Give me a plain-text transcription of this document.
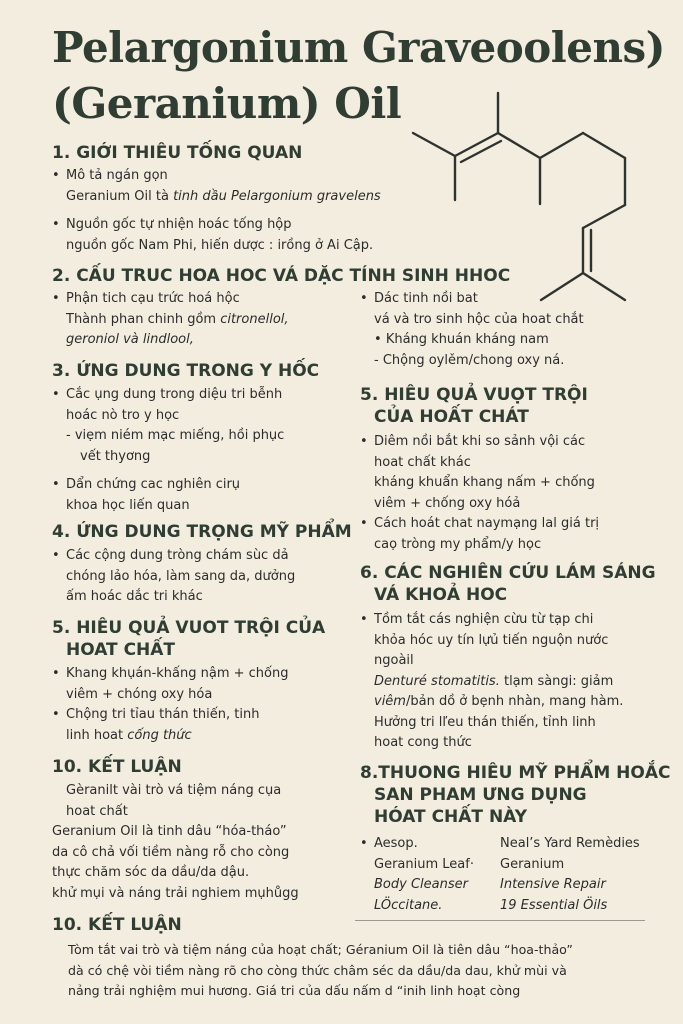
Pelargonium Graveoolens)
(Geranium) Oil
1. GIỚI THIÊU TỐNG QUAN
• Mô tả ngán gọn
Geranium Oil tà tinh dầu Pelargonium gravelens
• Nguồn gốc tự nhiện hoác tống hộp
nguồn gốc Nam Phi, hiến dược : irồng ở Ai Cập.
2. CẤU TRUC HOA HOC VÁ DẶC TÍNH SINH HHOC
• Phận tich cạu trức hoá hộc
Thành phan chinh gồm citronellol,
geroniol và lindlool,
• Dác tinh nồi bat
vá và tro sinh hộc của hoat chắt
• Kháng khuán kháng nam
- Chộng oylěm/chong oxy ná.
3. ỨNG DUNG TRONG Y HỐC
• Cắc ụng dung trong diệu tri bễnh
hoác nò tro y học
- viẹm niém mạc miếng, hồi phục
vết thyơng
• Dẩn chứng cac nghiên cirụ
khoa học liến quan
4. ỨNG DUNG TRỌNG MỸ PHẨM
• Các cộng dung tròng chám sùc dả
chóng lảo hóa, làm sang da, dưởng
ấm hoác dắc tri khác
5. HIÊU QUẢ VUOT TRỘI CỦA
HOAT CHẤT
• Khang khụán-khấng nậm + chống
viêm + chóng oxy hóa
• Chộng tri tỉau thán thiến, tinh
linh hoat cống thức
10. KẾT LUẬN
Gèranilt vài trò vá tiệm náng cụa
hoat chất
Geranium Oil là tinh dâu “hóa-tháo”
da cô chả vối tiềm nàng rỗ cho còng
thực chăm sóc da dầu/da dậu.
khử mụi và náng trải nghiem mụhůgg
5. HIÊU QUẢ VUỌT TRỘI
CỦA HOẤT CHÁT
• Diêm nồi bắt khi so sảnh vội các
hoat chất khác
kháng khuẩn khang nấm + chống
viêm + chống oxy hóả
• Cách hoát chat naymạng lal giá trị
caọ tròng my phẩm/y học
6. CÁC NGHIÊN CỨU LÁM SÁNG
VÁ KHOẢ HOC
• Tồm tắt cás nghiện cừu từ tạp chi
khỏa hóc uy tín lựủ tiến nguộn nước
ngoàil
Denturé stomatitis. tlạm sàngi: giảm
viêm/bản dồ ở bẹnh nhàn, mang hàm.
Hưởng tri lľeu thán thiến, tỉnh linh
hoat cong thức
8.THUONG HIÊU MỸ PHẨM HOẮC
SAN PHAM ƯNG DỤNG
HÓAT CHẤT NÀY
• Aesop.	Neal’s Yard Remèdies
Geranium Leaf·	Geranium
Body Cleanser	Intensive Repair
LÖccitane.	19 Essential Öils
10. KẾT LUẬN
Tòm tắt vai trò và tiệm náng của hoạt chất; Géranium Oil là tiên dâu “hoa-thảo”
dà có chệ vòi tiềm nàng rõ cho còng thức châm séc da dầu/da dau, khử mùi và
nảng trải nghiệm mui hương. Giá tri của dấu nấm d “inih linh hoạt còng
